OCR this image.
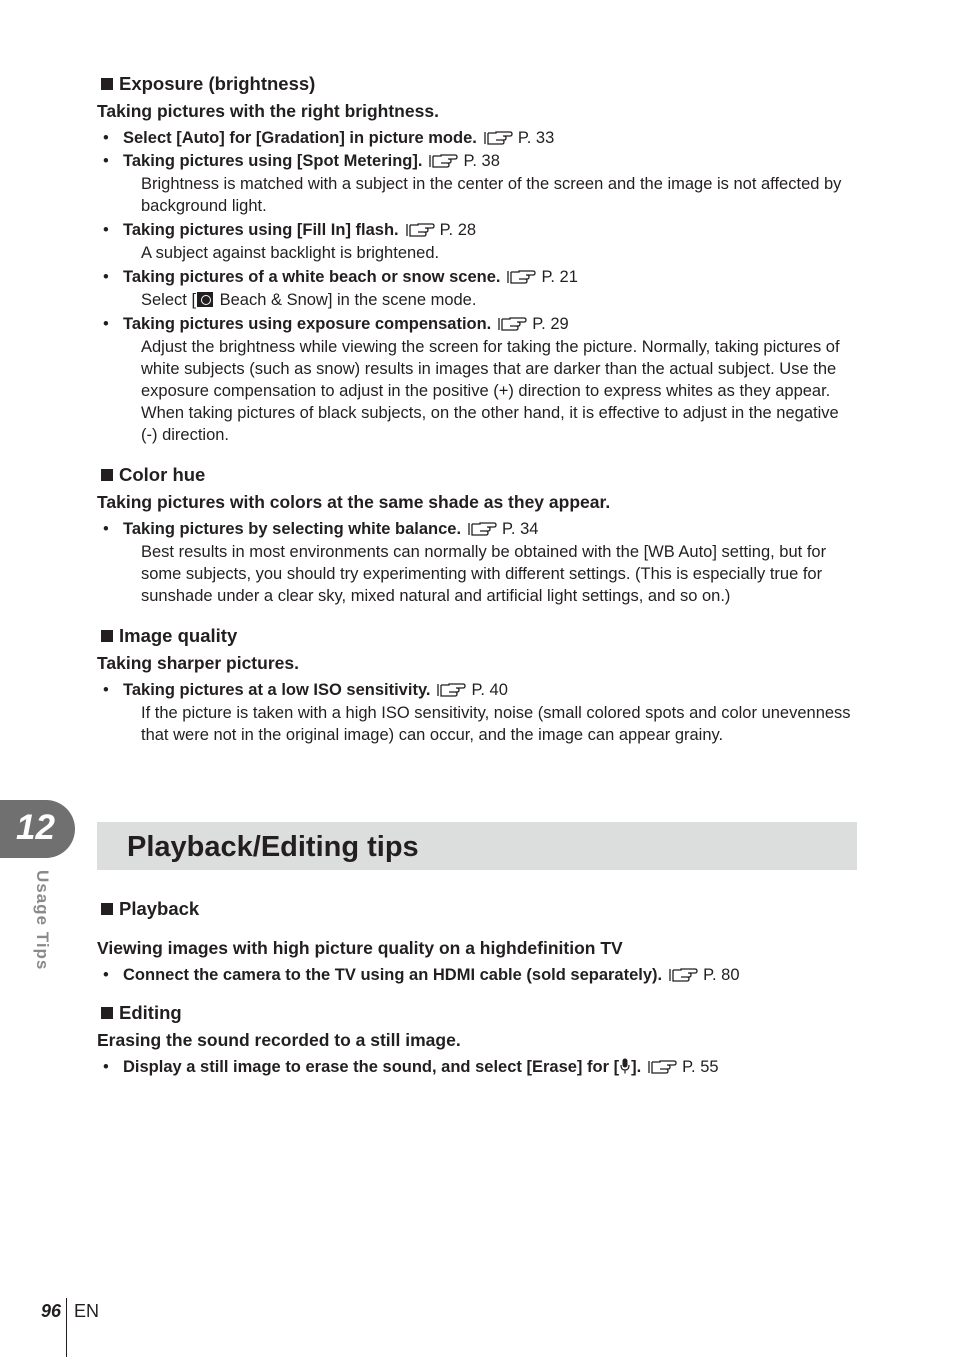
12
Usage Tips
Exposure (brightness)
Taking pictures with the right brightness.
• Select [Auto] for [Gradation] in picture mode. P. 33
• Taking pictures using [Spot Metering]. P. 38
Brightness is matched with a subject in the center of the screen and the image is not affected by background light.
• Taking pictures using [Fill In] flash. P. 28
A subject against backlight is brightened.
• Taking pictures of a white beach or snow scene. P. 21
Select [ Beach & Snow] in the scene mode.
• Taking pictures using exposure compensation. P. 29
Adjust the brightness while viewing the screen for taking the picture. Normally, taking pictures of white subjects (such as snow) results in images that are darker than the actual subject. Use the exposure compensation to adjust in the positive (+) direction to express whites as they appear. When taking pictures of black subjects, on the other hand, it is effective to adjust in the negative (-) direction.
Color hue
Taking pictures with colors at the same shade as they appear.
• Taking pictures by selecting white balance. P. 34
Best results in most environments can normally be obtained with the [WB Auto] setting, but for some subjects, you should try experimenting with different settings. (This is especially true for sunshade under a clear sky, mixed natural and artificial light settings, and so on.)
Image quality
Taking sharper pictures.
• Taking pictures at a low ISO sensitivity. P. 40
If the picture is taken with a high ISO sensitivity, noise (small colored spots and color unevenness that were not in the original image) can occur, and the image can appear grainy.
Playback/Editing tips
Playback
Viewing images with high picture quality on a highdefinition TV
• Connect the camera to the TV using an HDMI cable (sold separately). P. 80
Editing
Erasing the sound recorded to a still image.
• Display a still image to erase the sound, and select [Erase] for [ ]. P. 55
96 EN
